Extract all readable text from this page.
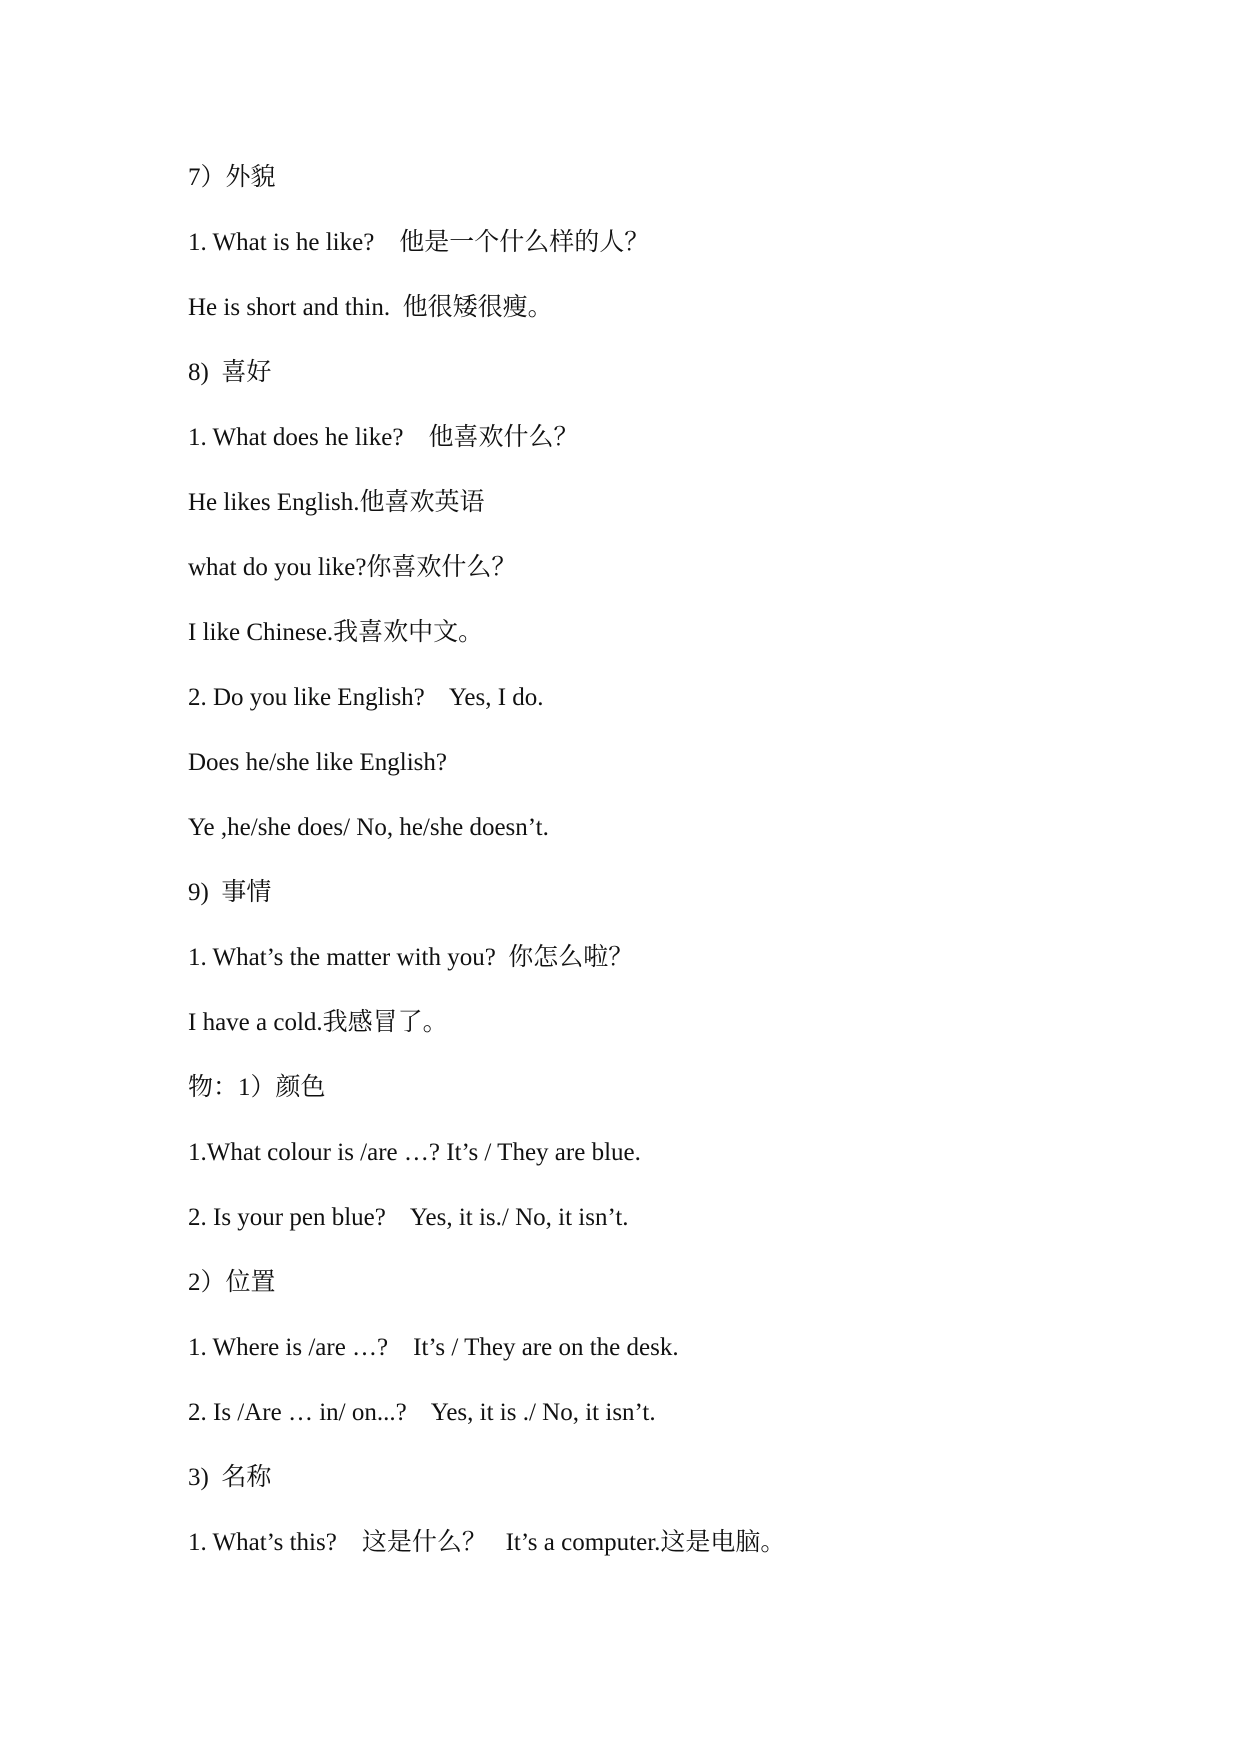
7）外貌
1. What is he like?    他是一个什么样的人？
He is short and thin.  他很矮很瘦。
8)  喜好
1. What does he like?    他喜欢什么？
He likes English.他喜欢英语
what do you like?你喜欢什么？
I like Chinese.我喜欢中文。
2. Do you like English?    Yes, I do.
Does he/she like English?
Ye ,he/she does/ No, he/she doesn’t.
9)  事情
1. What’s the matter with you?  你怎么啦？
I have a cold.我感冒了。
物：1）颜色
1.What colour is /are …? It’s / They are blue.
2. Is your pen blue?    Yes, it is./ No, it isn’t.
2）位置
1. Where is /are …?    It’s / They are on the desk.
2. Is /Are … in/ on...?    Yes, it is ./ No, it isn’t.
3)  名称
1. What’s this?    这是什么？   It’s a computer.这是电脑。
